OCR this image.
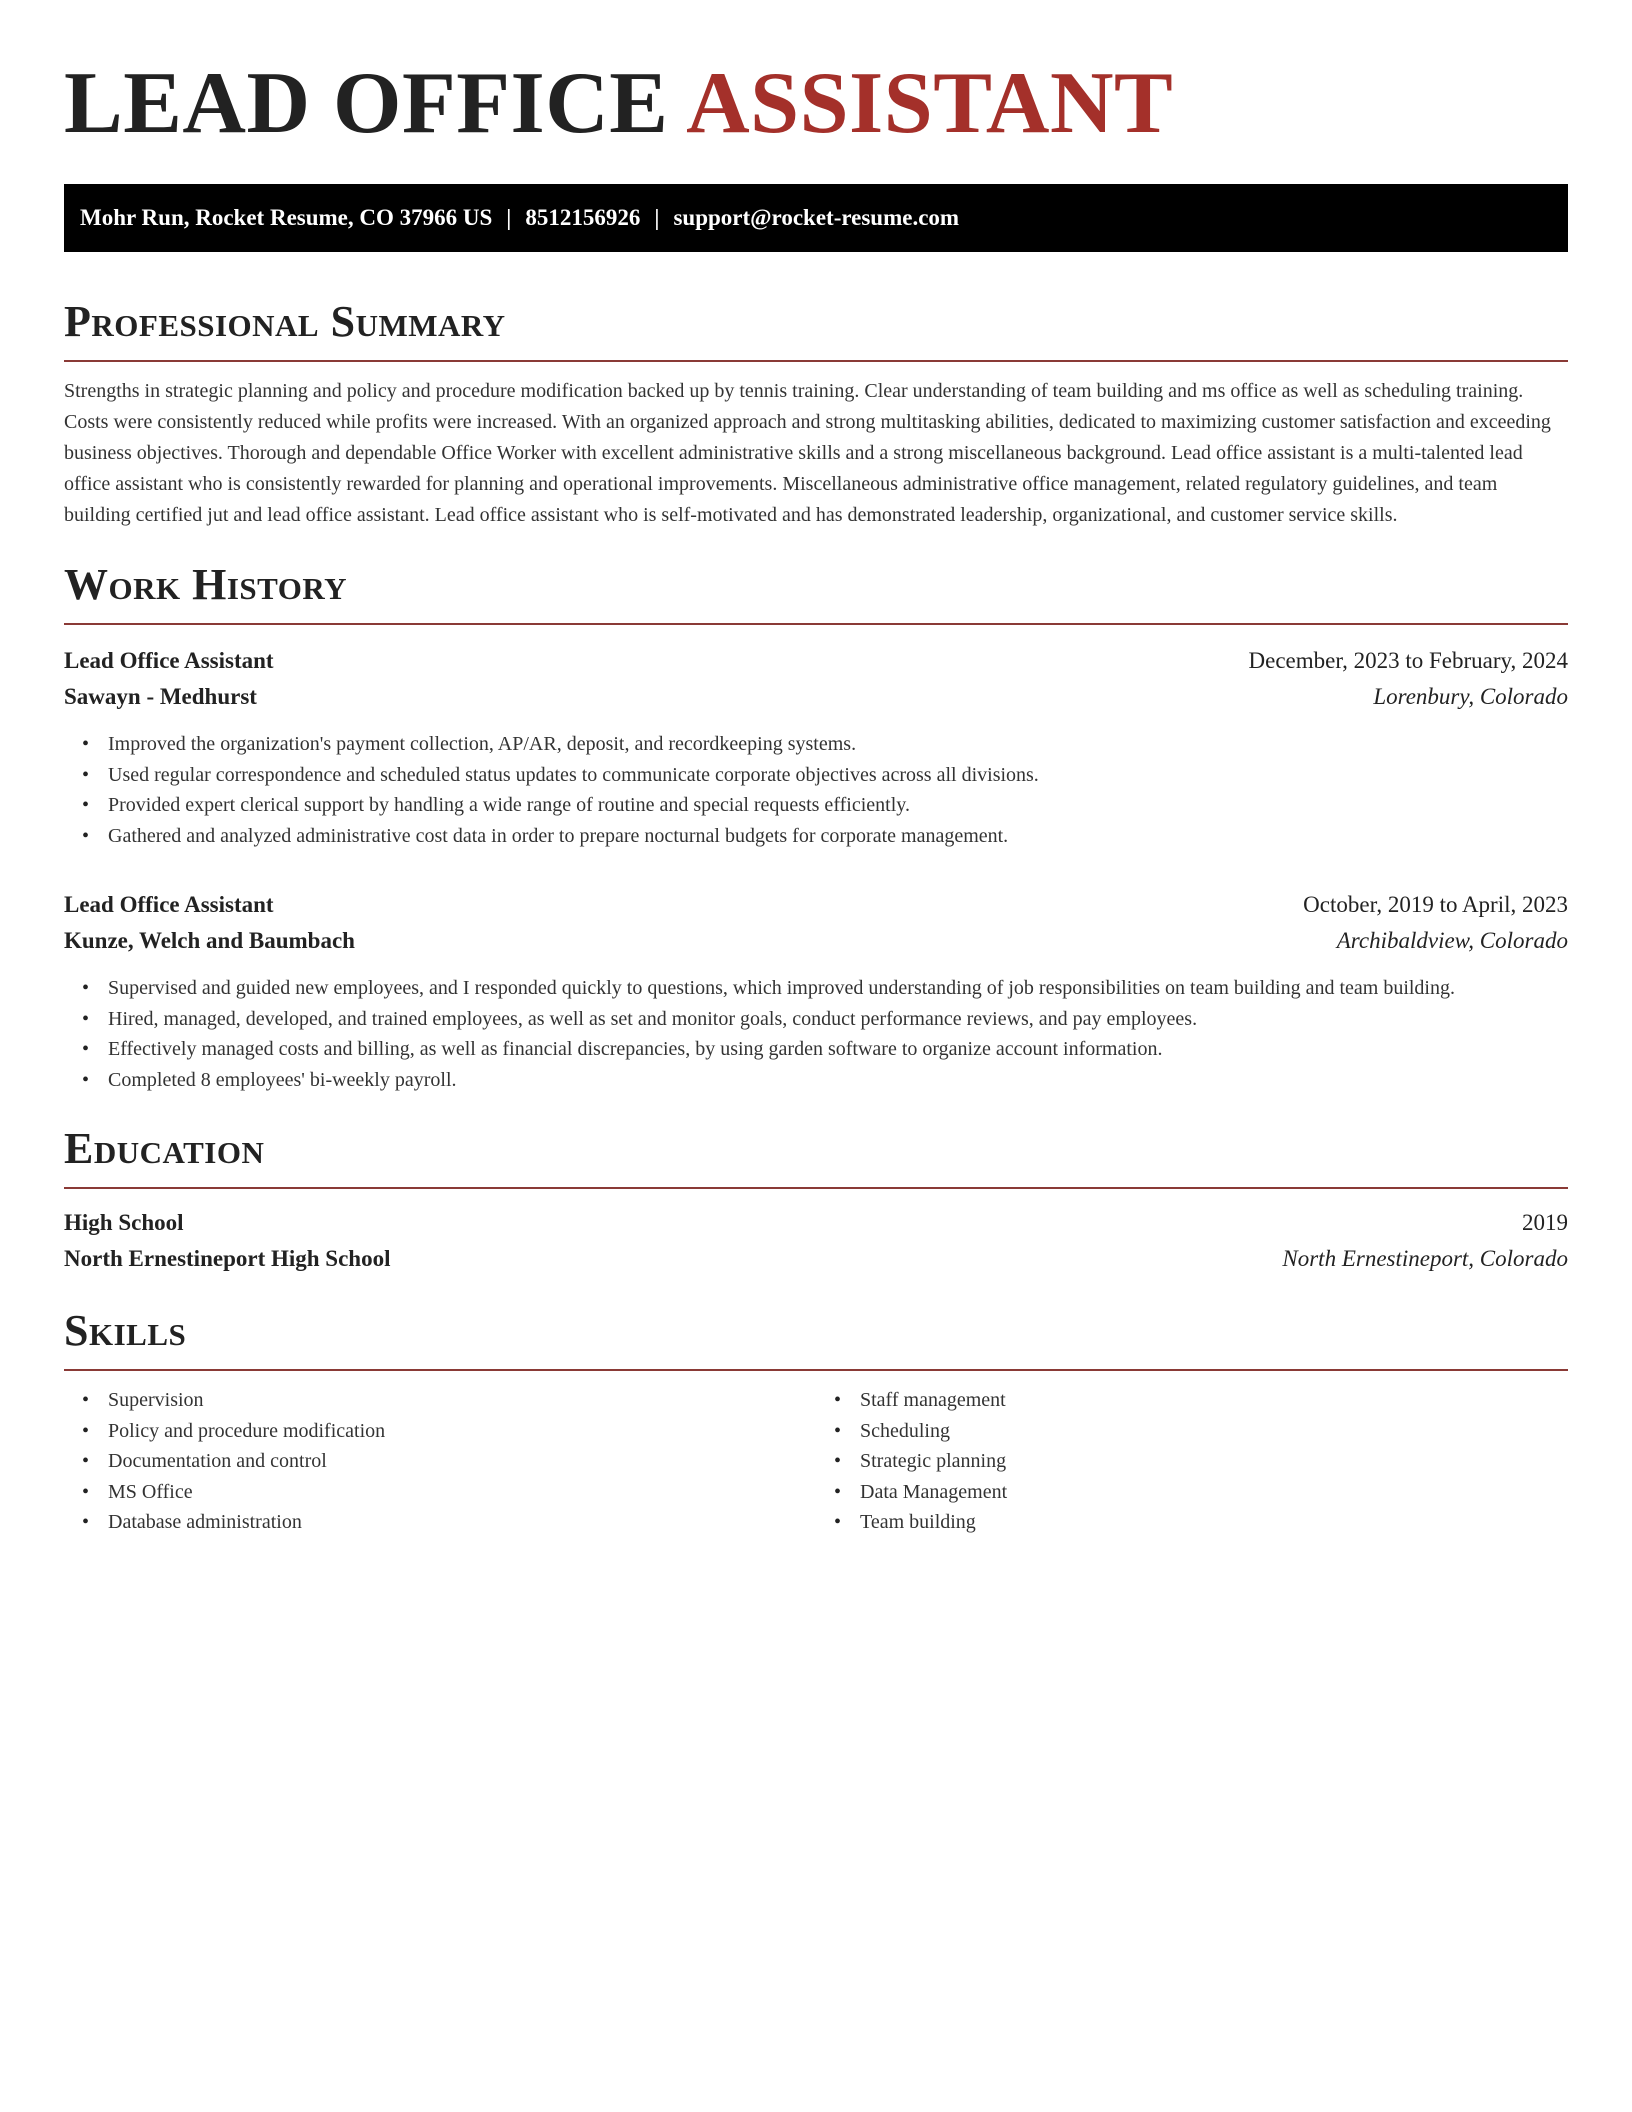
LEAD OFFICE ASSISTANT
Mohr Run, Rocket Resume, CO 37966 US | 8512156926 | support@rocket-resume.com
Professional Summary

Strengths in strategic planning and policy and procedure modification backed up by tennis training. Clear understanding of team building and ms office as well as scheduling training. Costs were consistently reduced while profits were increased. With an organized approach and strong multitasking abilities, dedicated to maximizing customer satisfaction and exceeding business objectives. Thorough and dependable Office Worker with excellent administrative skills and a strong miscellaneous background. Lead office assistant is a multi-talented lead office assistant who is consistently rewarded for planning and operational improvements. Miscellaneous administrative office management, related regulatory guidelines, and team building certified jut and lead office assistant. Lead office assistant who is self-motivated and has demonstrated leadership, organizational, and customer service skills.

Work History
Lead Office Assistant	December, 2023 to February, 2024
Sawayn - Medhurst	Lorenbury, Colorado
• Improved the organization's payment collection, AP/AR, deposit, and recordkeeping systems.
• Used regular correspondence and scheduled status updates to communicate corporate objectives across all divisions.
• Provided expert clerical support by handling a wide range of routine and special requests efficiently.
• Gathered and analyzed administrative cost data in order to prepare nocturnal budgets for corporate management.
Lead Office Assistant	October, 2019 to April, 2023
Kunze, Welch and Baumbach	Archibaldview, Colorado
• Supervised and guided new employees, and I responded quickly to questions, which improved understanding of job responsibilities on team building and team building.
• Hired, managed, developed, and trained employees, as well as set and monitor goals, conduct performance reviews, and pay employees.
• Effectively managed costs and billing, as well as financial discrepancies, by using garden software to organize account information.
• Completed 8 employees' bi-weekly payroll.
Education
High School	2019
North Ernestineport High School	North Ernestineport, Colorado
Skills
• Supervision
• Policy and procedure modification
• Documentation and control
• MS Office
• Database administration
• Staff management
• Scheduling
• Strategic planning
• Data Management
• Team building
